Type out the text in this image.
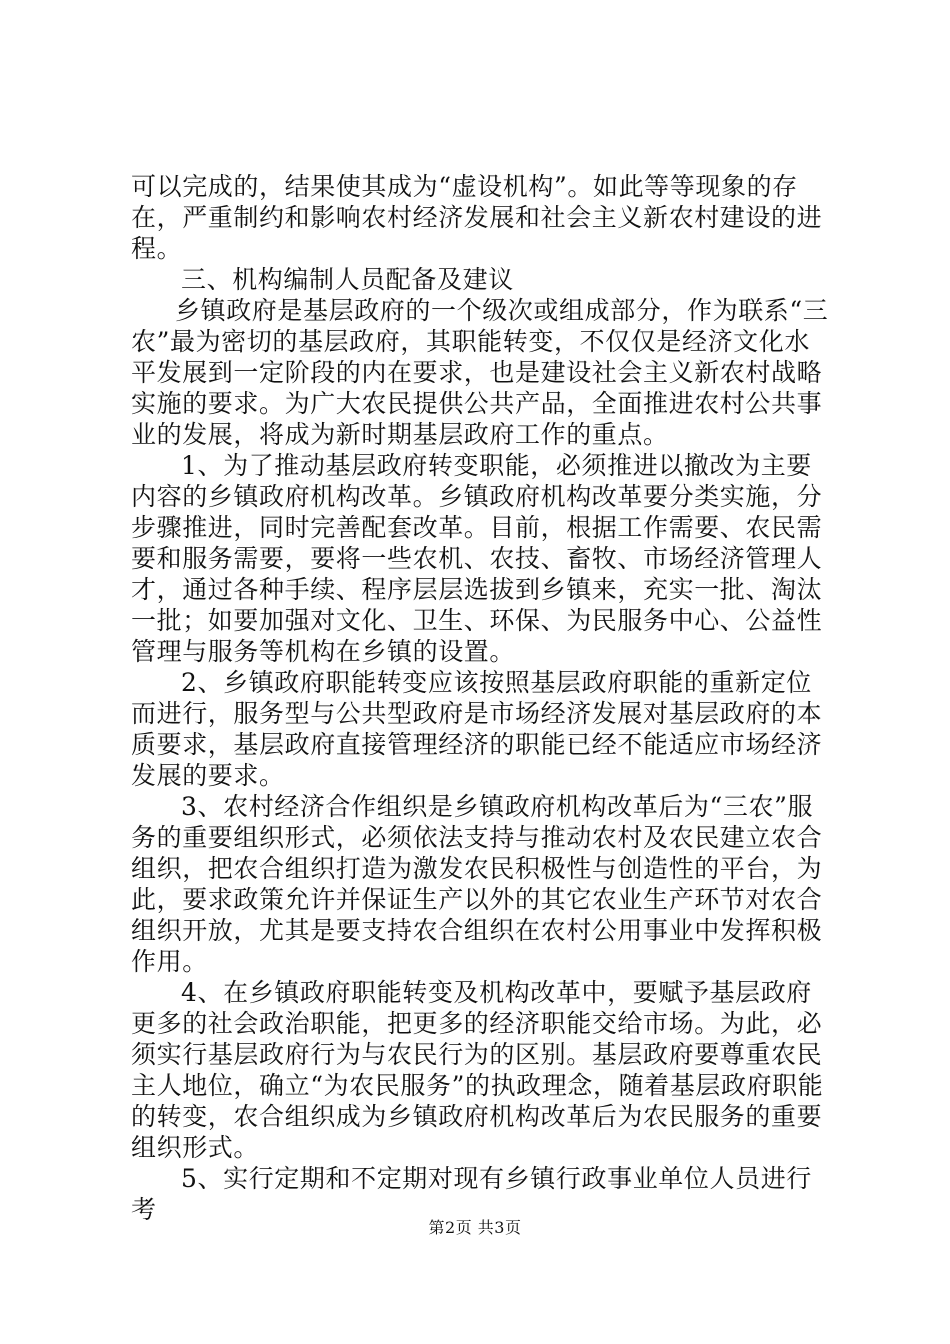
可以完成的，结果使其成为“虚设机构”。如此等等现象的存在，严重制约和影响农村经济发展和社会主义新农村建设的进程。

三、机构编制人员配备及建议

乡镇政府是基层政府的一个级次或组成部分，作为联系“三农”最为密切的基层政府，其职能转变，不仅仅是经济文化水平发展到一定阶段的内在要求，也是建设社会主义新农村战略实施的要求。为广大农民提供公共产品，全面推进农村公共事业的发展，将成为新时期基层政府工作的重点。

1、为了推动基层政府转变职能，必须推进以撤改为主要内容的乡镇政府机构改革。乡镇政府机构改革要分类实施，分步骤推进，同时完善配套改革。目前，根据工作需要、农民需要和服务需要，要将一些农机、农技、畜牧、市场经济管理人才，通过各种手续、程序层层选拔到乡镇来，充实一批、淘汰一批；如要加强对文化、卫生、环保、为民服务中心、公益性管理与服务等机构在乡镇的设置。

2、乡镇政府职能转变应该按照基层政府职能的重新定位而进行，服务型与公共型政府是市场经济发展对基层政府的本质要求，基层政府直接管理经济的职能已经不能适应市场经济发展的要求。

3、农村经济合作组织是乡镇政府机构改革后为“三农”服务的重要组织形式，必须依法支持与推动农村及农民建立农合组织，把农合组织打造为激发农民积极性与创造性的平台，为此，要求政策允许并保证生产以外的其它农业生产环节对农合组织开放，尤其是要支持农合组织在农村公用事业中发挥积极作用。

4、在乡镇政府职能转变及机构改革中，要赋予基层政府更多的社会政治职能，把更多的经济职能交给市场。为此，必须实行基层政府行为与农民行为的区别。基层政府要尊重农民主人地位，确立“为农民服务”的执政理念，随着基层政府职能的转变，农合组织成为乡镇政府机构改革后为农民服务的重要组织形式。

5、实行定期和不定期对现有乡镇行政事业单位人员进行考

第2页 共3页
